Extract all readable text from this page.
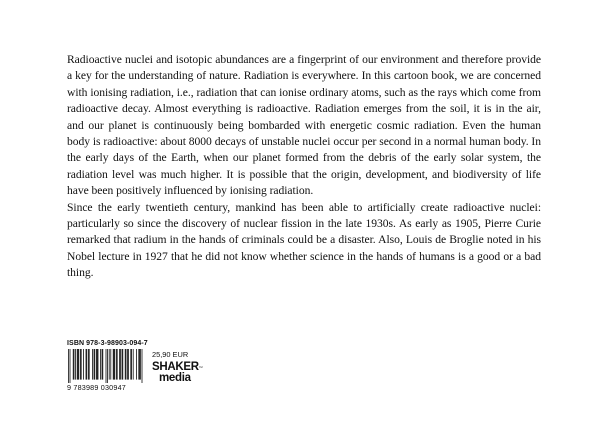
Radioactive nuclei and isotopic abundances are a fingerprint of our environment and therefore provide a key for the understanding of nature. Radiation is everywhere. In this cartoon book, we are concerned with ionising radiation, i.e., radiation that can ionise ordinary atoms, such as the rays which come from radioactive decay. Almost everything is radioactive. Radiation emerges from the soil, it is in the air, and our planet is continuously being bombarded with energetic cosmic radiation. Even the human body is radioactive: about 8000 decays of unstable nuclei occur per second in a normal human body. In the early days of the Earth, when our planet formed from the debris of the early solar system, the radiation level was much higher. It is possible that the origin, development, and biodiversity of life have been positively influenced by ionising radiation.

Since the early twentieth century, mankind has been able to artificially create radioactive nuclei: particularly so since the discovery of nuclear fission in the late 1930s. As early as 1905, Pierre Curie remarked that radium in the hands of criminals could be a disaster. Also, Louis de Broglie noted in his Nobel lecture in 1927 that he did not know whether science in the hands of humans is a good or a bad thing.

ISBN 978-3-98903-094-7
9 783989 030947
25,90 EUR
SHAKER™
media
